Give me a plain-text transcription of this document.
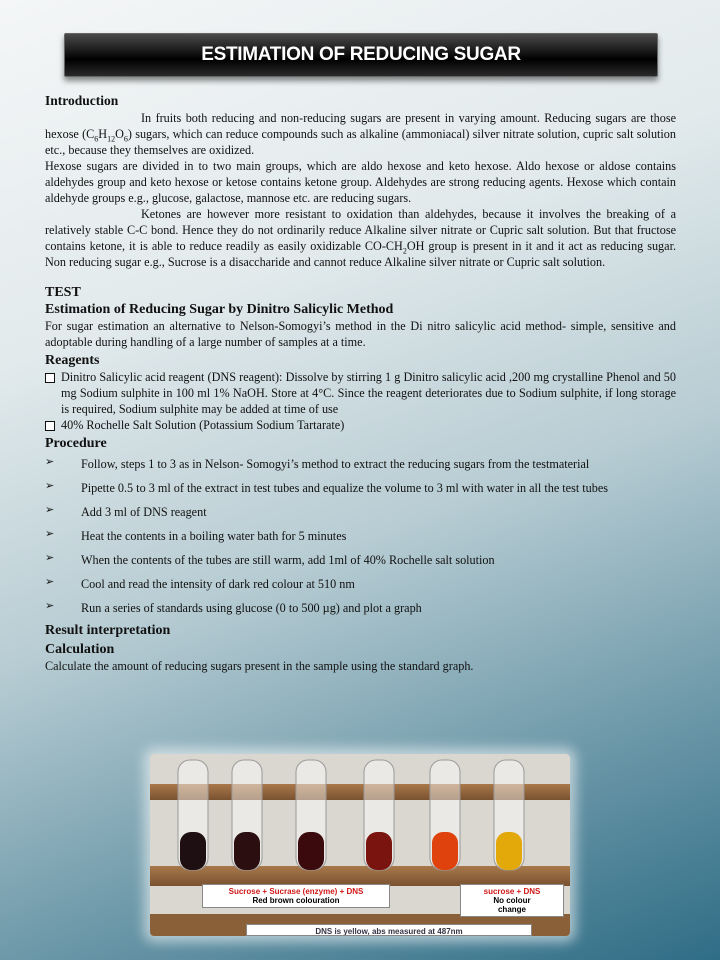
ESTIMATION OF REDUCING SUGAR
Introduction

In fruits both reducing and non-reducing sugars are present in varying amount. Reducing sugars are those hexose $(C_6H_{12}O_6)$ sugars, which can reduce compounds such as alkaline (ammoniacal) silver nitrate solution, cupric salt solution etc., because they themselves are oxidized.

Hexose sugars are divided in to two main groups, which are aldo hexose and keto hexose. Aldo hexose or aldose contains aldehydes group and keto hexose or ketose contains ketone group. Aldehydes are strong reducing agents. Hexose which contain aldehyde groups e.g., glucose, galactose, mannose etc. are reducing sugars.

Ketones are however more resistant to oxidation than aldehydes, because it involves the breaking of a relatively stable C-C bond. Hence they do not ordinarily reduce Alkaline silver nitrate or Cupric salt solution. But that fructose contains ketone, it is able to reduce readily as easily oxidizable $CO-CH_2OH$ group is present in it and it act as reducing sugar. Non reducing sugar e.g., Sucrose is a disaccharide and cannot reduce Alkaline silver nitrate or Cupric salt solution.

TEST
Estimation of Reducing Sugar by Dinitro Salicylic Method

For sugar estimation an alternative to Nelson-Somogyi’s method in the Di nitro salicylic acid method- simple, sensitive and adoptable during handling of a large number of samples at a time.

Reagents
Dinitro Salicylic acid reagent (DNS reagent): Dissolve by stirring 1 g Dinitro salicylic acid ,200 mg crystalline Phenol and 50 mg Sodium sulphite in 100 ml 1% NaOH. Store at 4°C. Since the reagent deteriorates due to Sodium sulphite, if long storage is required, Sodium sulphite may be added at time of use
40% Rochelle Salt Solution (Potassium Sodium Tartarate)
Procedure
➢	Follow, steps 1 to 3 as in Nelson- Somogyi’s method to extract the reducing sugars from the testmaterial
➢	Pipette 0.5 to 3 ml of the extract in test tubes and equalize the volume to 3 ml with water in all the test tubes
➢	Add 3 ml of DNS reagent
➢	Heat the contents in a boiling water bath for 5 minutes
➢	When the contents of the tubes are still warm, add 1ml of 40% Rochelle salt solution
➢	Cool and read the intensity of dark red colour at 510 nm
➢	Run a series of standards using glucose (0 to 500 µg) and plot a graph
Result interpretation
Calculation

Calculate the amount of reducing sugars present in the sample using the standard graph.

Sucrose + Sucrase (enzyme) + DNS
Red brown colouration
sucrose + DNS
No colour
change
DNS is yellow, abs measured at 487nm
